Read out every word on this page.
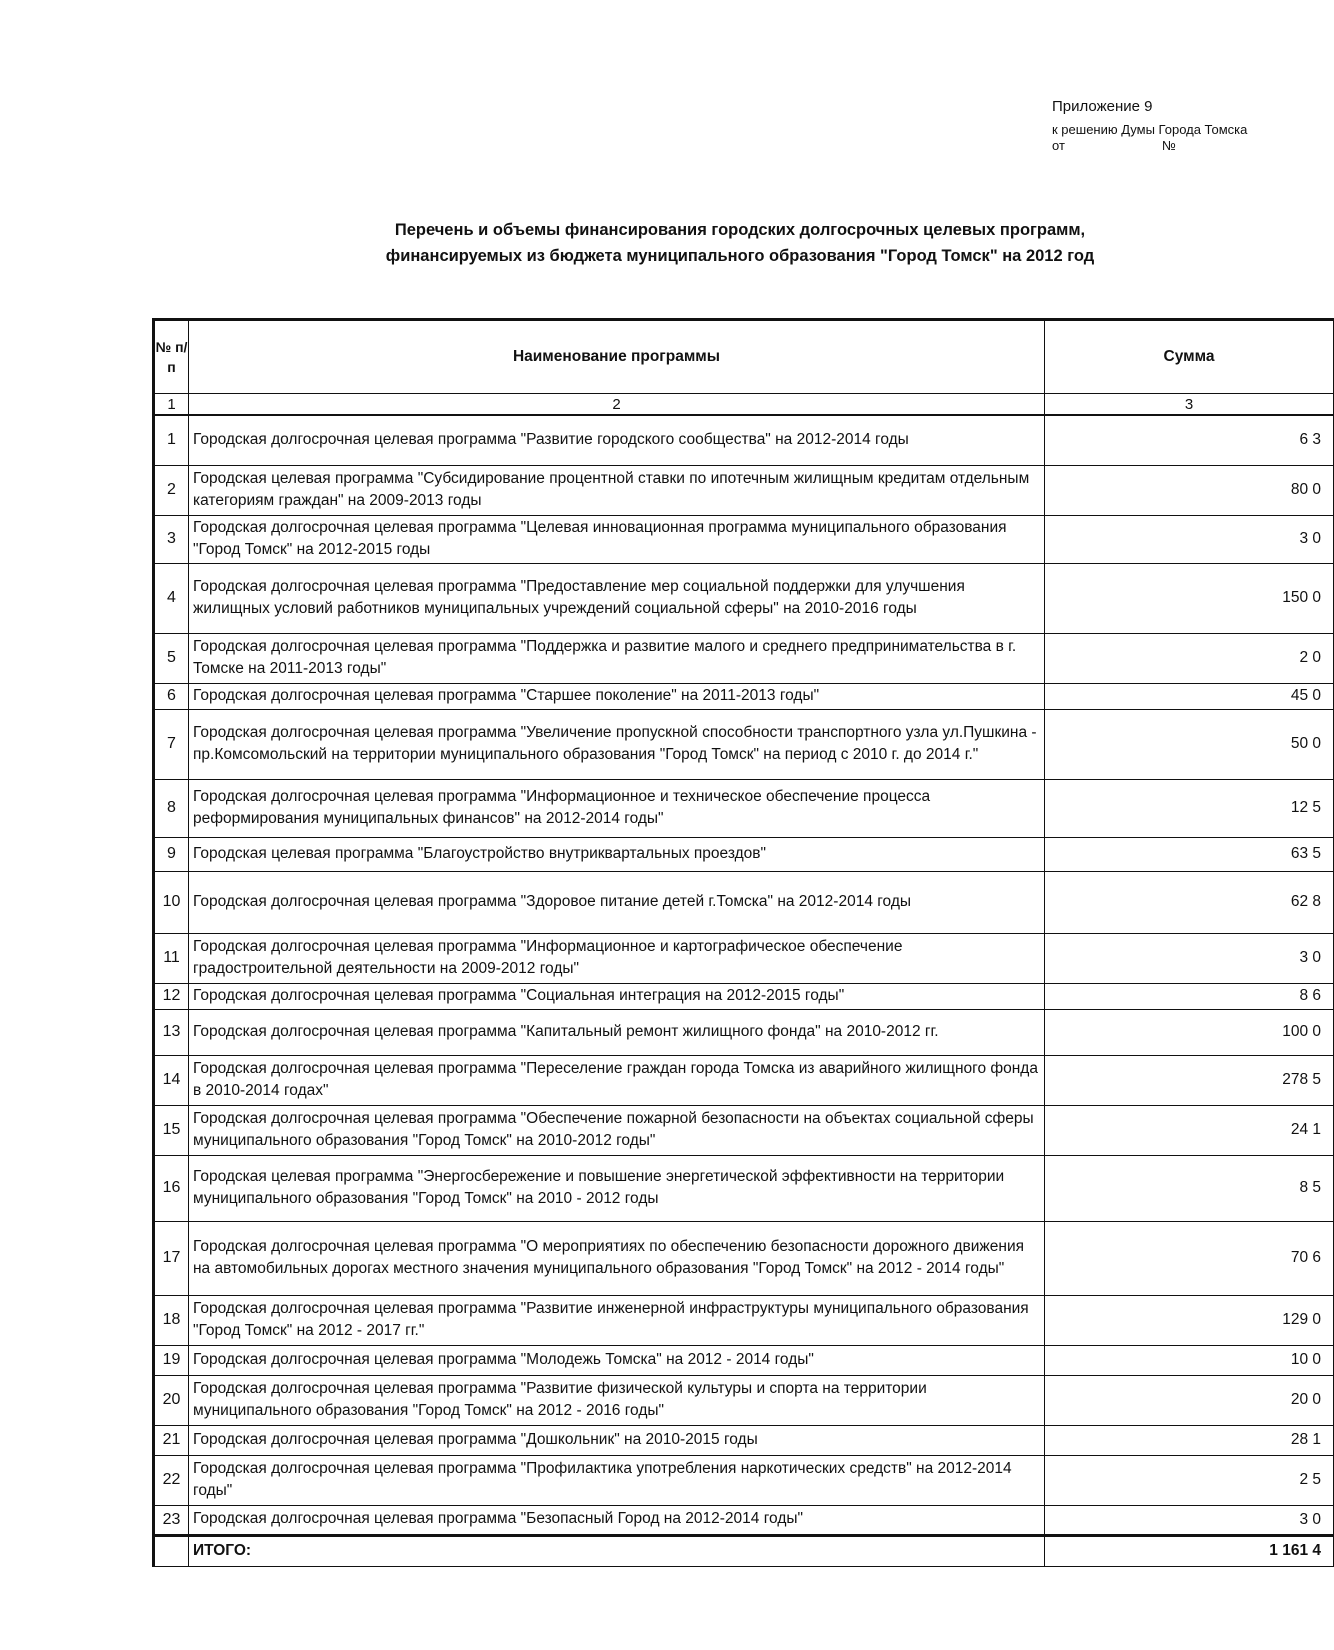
Приложение 9
к решению Думы Города Томска
от	№
Перечень и объемы финансирования городских долгосрочных целевых программ,
финансируемых из бюджета муниципального образования "Город Томск" на 2012 год
№ п/п	Наименование программы	Сумма
1	2	3
1	Городская долгосрочная целевая программа "Развитие городского сообщества" на 2012-2014 годы	6 3
2	Городская целевая программа "Субсидирование процентной ставки по ипотечным жилищным кредитам отдельным категориям граждан" на 2009-2013 годы	80 0
3	Городская долгосрочная целевая программа "Целевая инновационная программа муниципального образования "Город Томск" на 2012-2015 годы	3 0
4	Городская долгосрочная целевая программа "Предоставление мер социальной поддержки для улучшения жилищных условий работников муниципальных учреждений социальной сферы" на 2010-2016 годы	150 0
5	Городская долгосрочная целевая программа "Поддержка и развитие малого и среднего предпринимательства в г. Томске на 2011-2013 годы"	2 0
6	Городская долгосрочная целевая программа "Старшее поколение" на 2011-2013 годы"	45 0
7	Городская долгосрочная целевая программа "Увеличение пропускной способности транспортного узла ул.Пушкина - пр.Комсомольский на территории муниципального образования "Город Томск" на период с 2010 г. до 2014 г."	50 0
8	Городская долгосрочная целевая программа "Информационное и техническое обеспечение процесса реформирования муниципальных финансов" на 2012-2014 годы"	12 5
9	Городская целевая программа "Благоустройство внутриквартальных проездов"	63 5
10	Городская долгосрочная целевая программа "Здоровое питание детей г.Томска" на 2012-2014 годы	62 8
11	Городская долгосрочная целевая программа "Информационное и картографическое обеспечение градостроительной деятельности на 2009-2012 годы"	3 0
12	Городская долгосрочная целевая программа "Социальная интеграция на 2012-2015 годы"	8 6
13	Городская долгосрочная целевая программа "Капитальный ремонт жилищного фонда" на 2010-2012 гг.	100 0
14	Городская долгосрочная целевая программа "Переселение граждан города Томска из аварийного жилищного фонда в 2010-2014 годах"	278 5
15	Городская долгосрочная целевая программа "Обеспечение пожарной безопасности на объектах социальной сферы муниципального образования "Город Томск" на 2010-2012 годы"	24 1
16	Городская целевая программа "Энергосбережение и повышение энергетической эффективности на территории муниципального образования "Город Томск" на 2010 - 2012 годы	8 5
17	Городская долгосрочная целевая программа "О мероприятиях по обеспечению безопасности дорожного движения на автомобильных дорогах местного значения муниципального образования "Город Томск" на 2012 - 2014 годы"	70 6
18	Городская долгосрочная целевая программа "Развитие инженерной инфраструктуры муниципального образования "Город Томск" на 2012 - 2017 гг."	129 0
19	Городская долгосрочная целевая программа "Молодежь Томска" на 2012 - 2014 годы"	10 0
20	Городская долгосрочная целевая программа "Развитие физической культуры и спорта на территории муниципального образования "Город Томск" на 2012 - 2016 годы"	20 0
21	Городская долгосрочная целевая программа "Дошкольник" на 2010-2015 годы	28 1
22	Городская долгосрочная целевая программа "Профилактика употребления наркотических средств" на 2012-2014 годы"	2 5
23	Городская долгосрочная целевая программа "Безопасный Город на 2012-2014 годы"	3 0
	ИТОГО:	1 161 4
